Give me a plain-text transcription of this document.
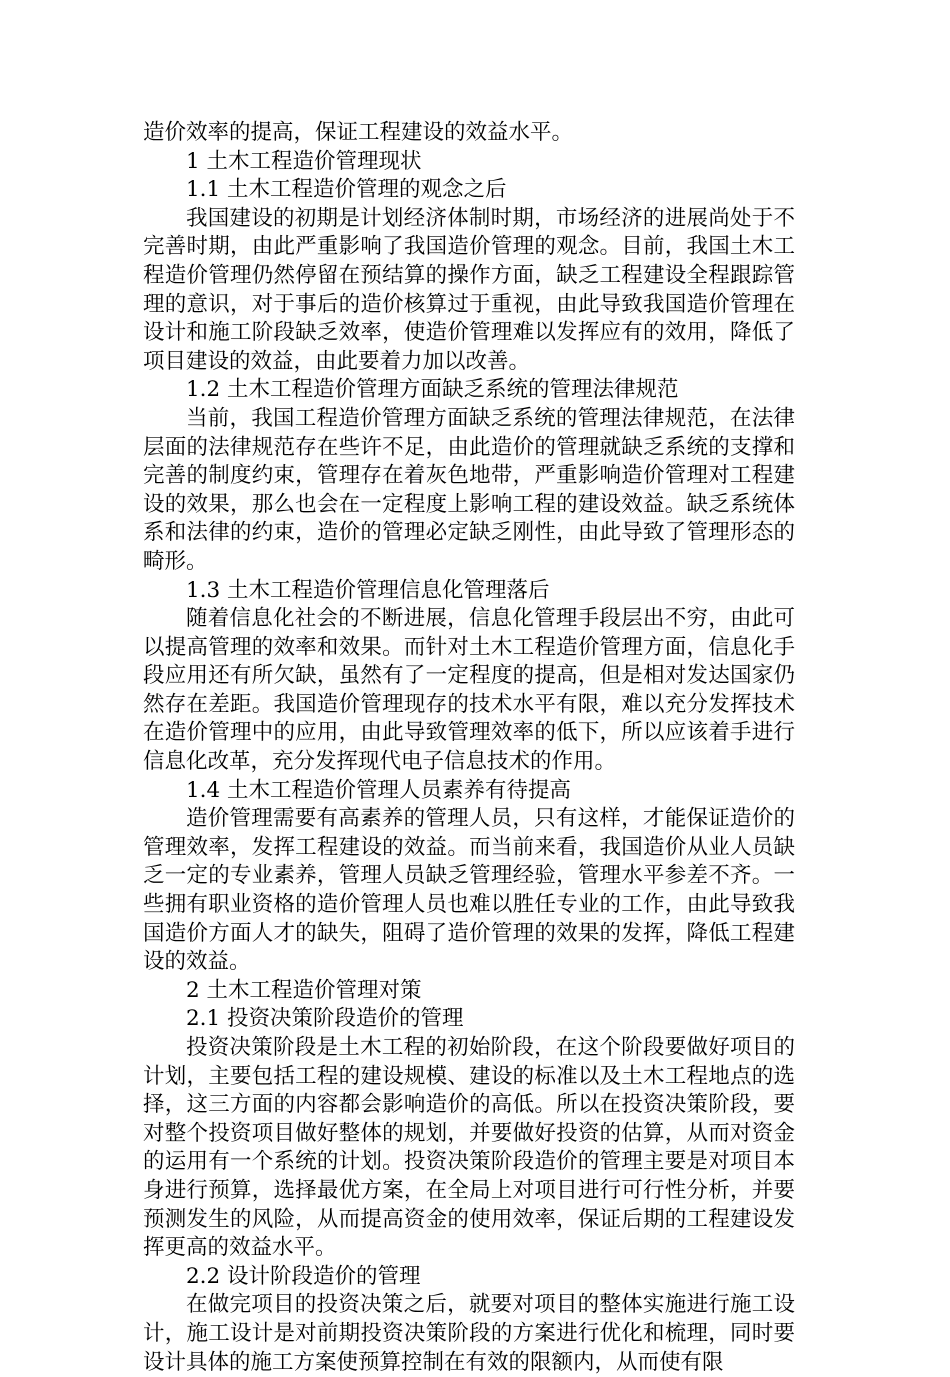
造价效率的提高，保证工程建设的效益水平。

1 土木工程造价管理现状

1.1 土木工程造价管理的观念之后

我国建设的初期是计划经济体制时期，市场经济的进展尚处于不完善时期，由此严重影响了我国造价管理的观念。目前，我国土木工程造价管理仍然停留在预结算的操作方面，缺乏工程建设全程跟踪管理的意识，对于事后的造价核算过于重视，由此导致我国造价管理在设计和施工阶段缺乏效率，使造价管理难以发挥应有的效用，降低了项目建设的效益，由此要着力加以改善。

1.2 土木工程造价管理方面缺乏系统的管理法律规范

当前，我国工程造价管理方面缺乏系统的管理法律规范，在法律层面的法律规范存在些许不足，由此造价的管理就缺乏系统的支撑和完善的制度约束，管理存在着灰色地带，严重影响造价管理对工程建设的效果，那么也会在一定程度上影响工程的建设效益。缺乏系统体系和法律的约束，造价的管理必定缺乏刚性，由此导致了管理形态的畸形。

1.3 土木工程造价管理信息化管理落后

随着信息化社会的不断进展，信息化管理手段层出不穷，由此可以提高管理的效率和效果。而针对土木工程造价管理方面，信息化手段应用还有所欠缺，虽然有了一定程度的提高，但是相对发达国家仍然存在差距。我国造价管理现存的技术水平有限，难以充分发挥技术在造价管理中的应用，由此导致管理效率的低下，所以应该着手进行信息化改革，充分发挥现代电子信息技术的作用。

1.4 土木工程造价管理人员素养有待提高

造价管理需要有高素养的管理人员，只有这样，才能保证造价的管理效率，发挥工程建设的效益。而当前来看，我国造价从业人员缺乏一定的专业素养，管理人员缺乏管理经验，管理水平参差不齐。一些拥有职业资格的造价管理人员也难以胜任专业的工作，由此导致我国造价方面人才的缺失，阻碍了造价管理的效果的发挥，降低工程建设的效益。

2 土木工程造价管理对策

2.1 投资决策阶段造价的管理

投资决策阶段是土木工程的初始阶段，在这个阶段要做好项目的计划，主要包括工程的建设规模、建设的标准以及土木工程地点的选择，这三方面的内容都会影响造价的高低。所以在投资决策阶段，要对整个投资项目做好整体的规划，并要做好投资的估算，从而对资金的运用有一个系统的计划。投资决策阶段造价的管理主要是对项目本身进行预算，选择最优方案，在全局上对项目进行可行性分析，并要预测发生的风险，从而提高资金的使用效率，保证后期的工程建设发挥更高的效益水平。

2.2 设计阶段造价的管理

在做完项目的投资决策之后，就要对项目的整体实施进行施工设计，施工设计是对前期投资决策阶段的方案进行优化和梳理，同时要设计具体的施工方案使预算控制在有效的限额内，从而使有限
